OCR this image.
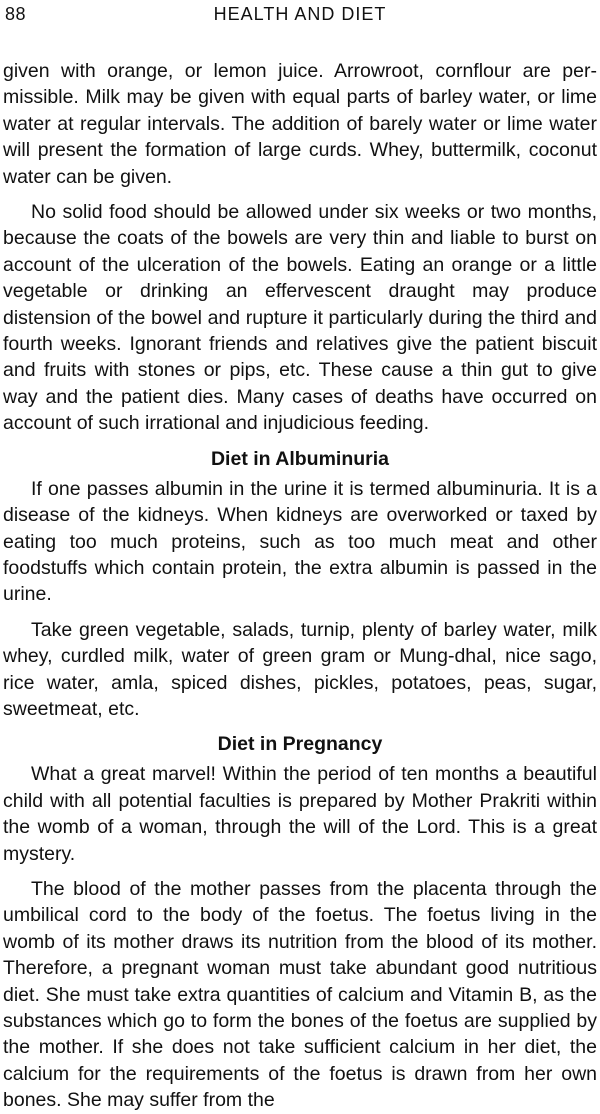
88	HEALTH AND DIET

given with orange, or lemon juice. Arrowroot, cornflour are permissible. Milk may be given with equal parts of barley water, or lime water at regular intervals. The addition of barely water or lime water will present the formation of large curds. Whey, buttermilk, coconut water can be given.

No solid food should be allowed under six weeks or two months, because the coats of the bowels are very thin and liable to burst on account of the ulceration of the bowels. Eating an orange or a little vegetable or drinking an effervescent draught may produce distension of the bowel and rupture it particularly during the third and fourth weeks. Ignorant friends and relatives give the patient biscuit and fruits with stones or pips, etc. These cause a thin gut to give way and the patient dies. Many cases of deaths have occurred on account of such irrational and injudicious feeding.

Diet in Albuminuria

If one passes albumin in the urine it is termed albuminuria. It is a disease of the kidneys. When kidneys are overworked or taxed by eating too much proteins, such as too much meat and other foodstuffs which contain protein, the extra albumin is passed in the urine.

Take green vegetable, salads, turnip, plenty of barley water, milk whey, curdled milk, water of green gram or Mung-dhal, nice sago, rice water, amla, spiced dishes, pickles, potatoes, peas, sugar, sweetmeat, etc.

Diet in Pregnancy

What a great marvel! Within the period of ten months a beautiful child with all potential faculties is prepared by Mother Prakriti within the womb of a woman, through the will of the Lord. This is a great mystery.

The blood of the mother passes from the placenta through the umbilical cord to the body of the foetus. The foetus living in the womb of its mother draws its nutrition from the blood of its mother. Therefore, a pregnant woman must take abundant good nutritious diet. She must take extra quantities of calcium and Vitamin B, as the substances which go to form the bones of the foetus are supplied by the mother. If she does not take sufficient calcium in her diet, the calcium for the requirements of the foetus is drawn from her own bones. She may suffer from the
